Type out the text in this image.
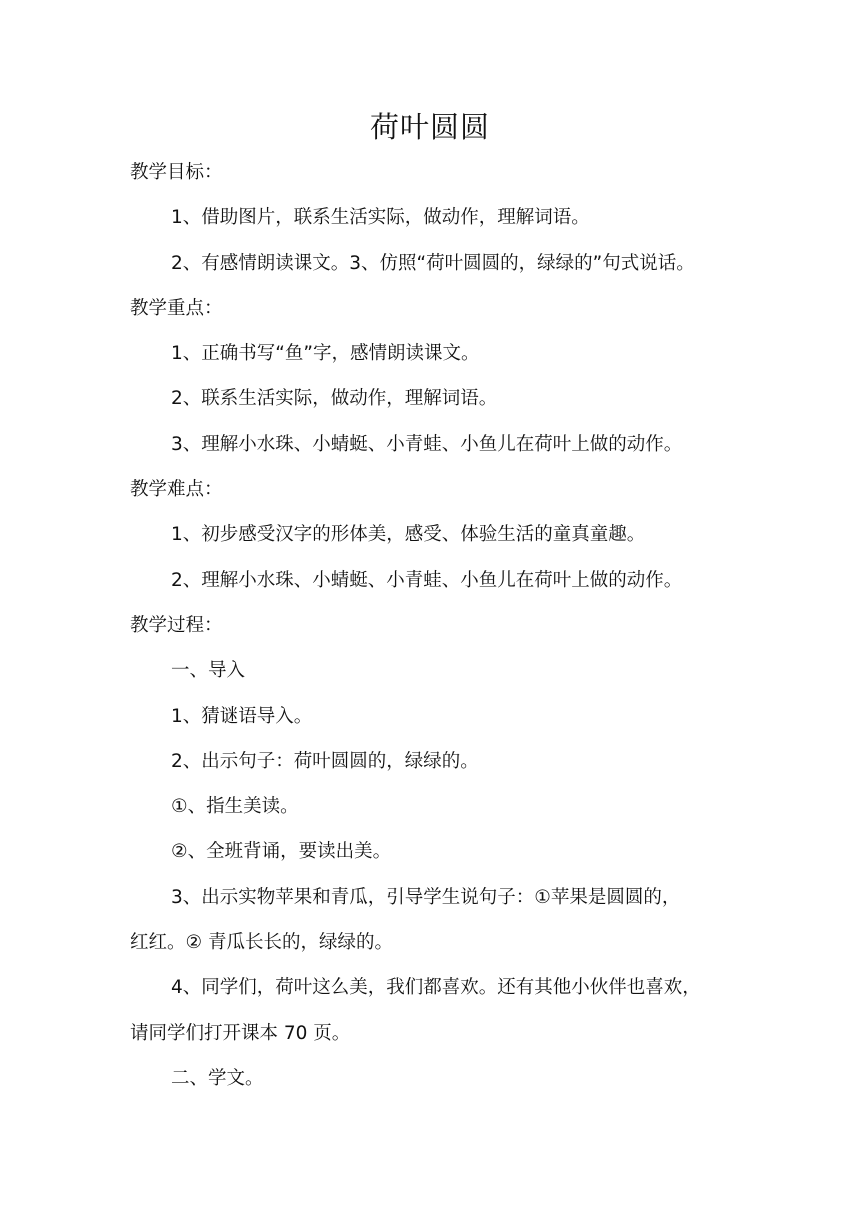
荷叶圆圆

教学目标：

1、借助图片，联系生活实际，做动作，理解词语。

2、有感情朗读课文。3、仿照“荷叶圆圆的，绿绿的”句式说话。

教学重点：

1、正确书写“鱼”字，感情朗读课文。

2、联系生活实际，做动作，理解词语。

3、理解小水珠、小蜻蜓、小青蛙、小鱼儿在荷叶上做的动作。

教学难点：

1、初步感受汉字的形体美，感受、体验生活的童真童趣。

2、理解小水珠、小蜻蜓、小青蛙、小鱼儿在荷叶上做的动作。

教学过程：

一、导入

1、猜谜语导入。

2、出示句子：荷叶圆圆的，绿绿的。

①、指生美读。

②、全班背诵，要读出美。

3、出示实物苹果和青瓜，引导学生说句子：①苹果是圆圆的，

红红。② 青瓜长长的，绿绿的。

4、同学们，荷叶这么美，我们都喜欢。还有其他小伙伴也喜欢，

请同学们打开课本 70 页。

二、学文。
